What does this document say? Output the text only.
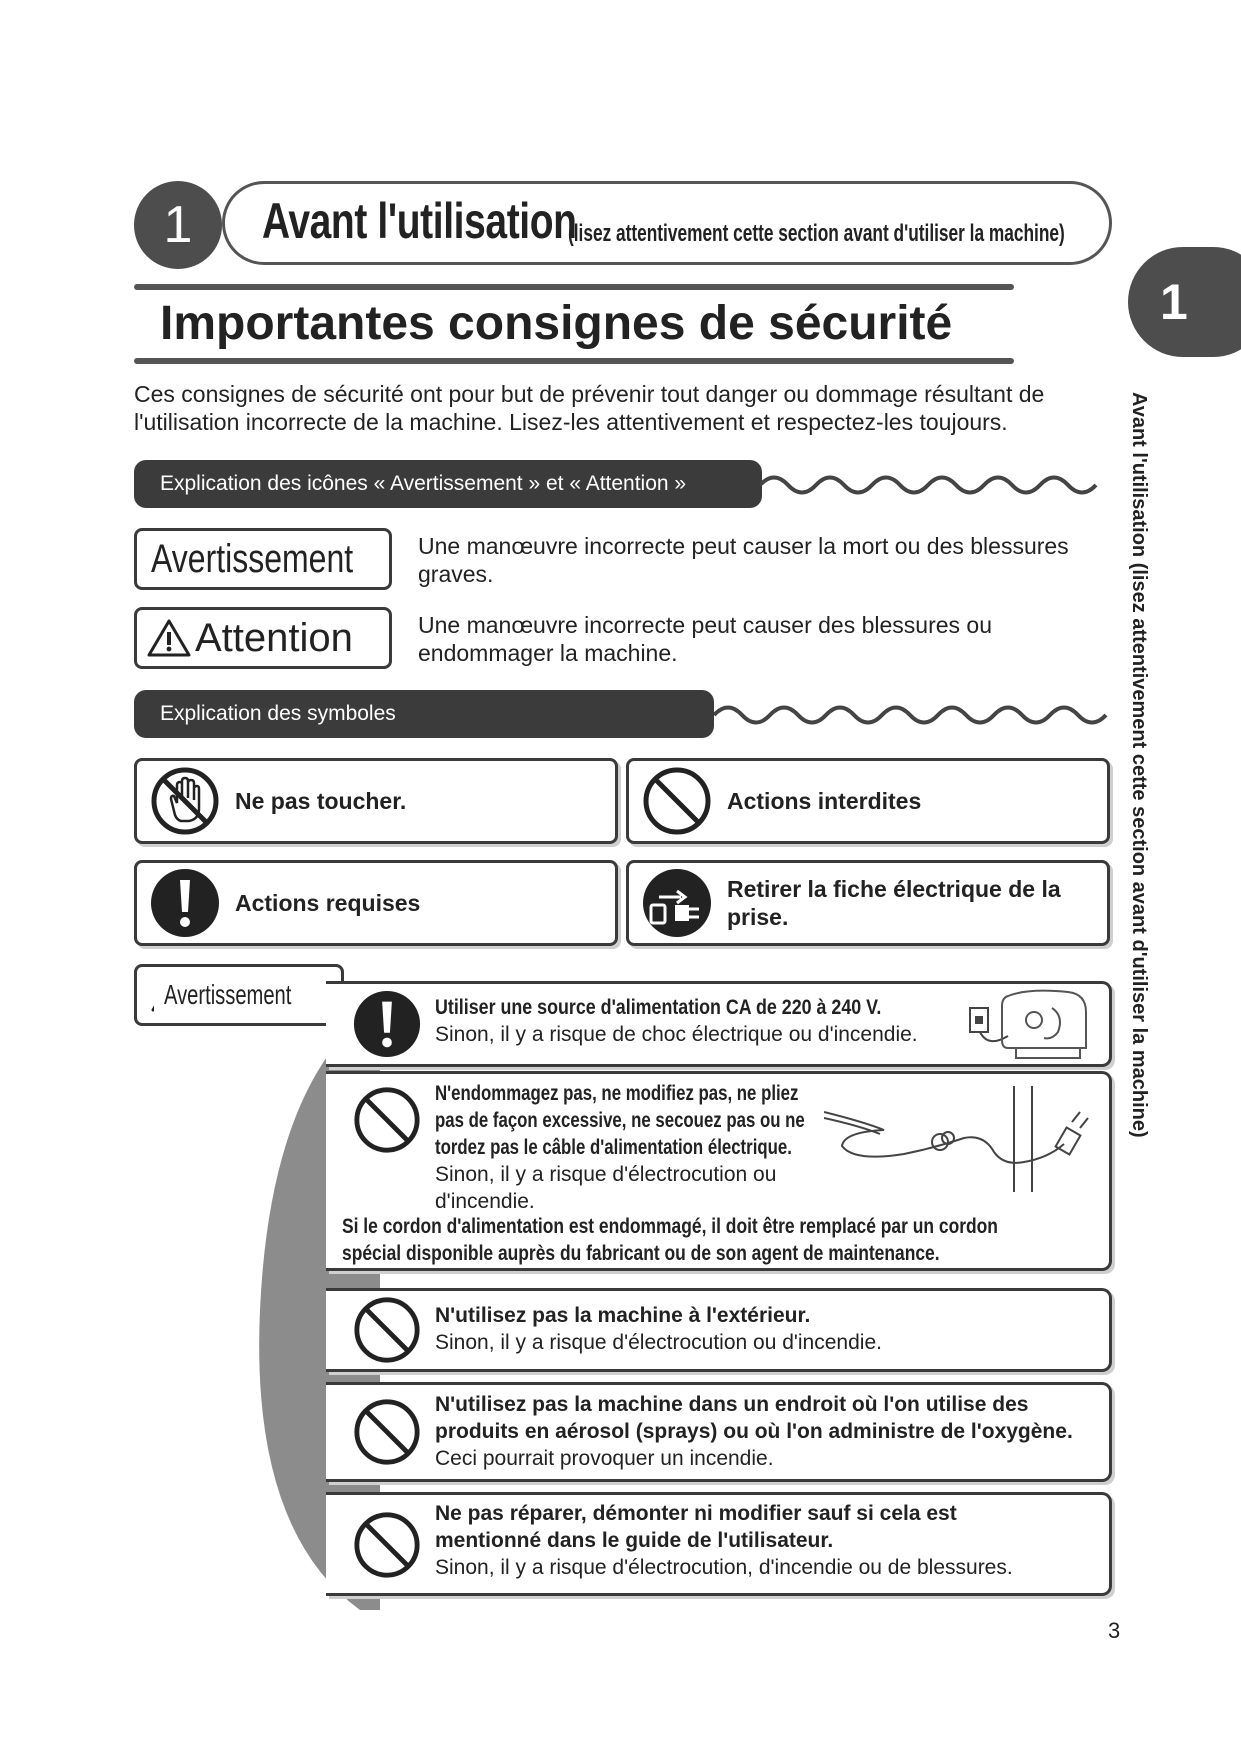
1	Avant l'utilisation
(lisez attentivement cette section avant d'utiliser la machine)
1
Avant l'utilisation (lisez attentivement cette section avant d'utiliser la machine)
Importantes consignes de sécurité
Ces consignes de sécurité ont pour but de prévenir tout danger ou dommage résultant de l'utilisation incorrecte de la machine. Lisez-les attentivement et respectez-les toujours.
Explication des icônes « Avertissement » et « Attention »
Avertissement	Une manœuvre incorrecte peut causer la mort ou des blessures graves.
Attention	Une manœuvre incorrecte peut causer des blessures ou endommager la machine.
Explication des symboles
Ne pas toucher.	Actions interdites
Actions requises
Retirer la fiche électrique de la prise.
Avertissement	Utiliser une source d'alimentation CA de 220 à 240 V.
Sinon, il y a risque de choc électrique ou d'incendie.
N'endommagez pas, ne modifiez pas, ne pliez
pas de façon excessive, ne secouez pas ou ne
tordez pas le câble d'alimentation électrique.
Sinon, il y a risque d'électrocution ou
d'incendie.
Si le cordon d'alimentation est endommagé, il doit être remplacé par un cordon
spécial disponible auprès du fabricant ou de son agent de maintenance.
N'utilisez pas la machine à l'extérieur.
Sinon, il y a risque d'électrocution ou d'incendie.
N'utilisez pas la machine dans un endroit où l'on utilise des
produits en aérosol (sprays) ou où l'on administre de l'oxygène.
Ceci pourrait provoquer un incendie.
Ne pas réparer, démonter ni modifier sauf si cela est
mentionné dans le guide de l'utilisateur.
Sinon, il y a risque d'électrocution, d'incendie ou de blessures.
3
